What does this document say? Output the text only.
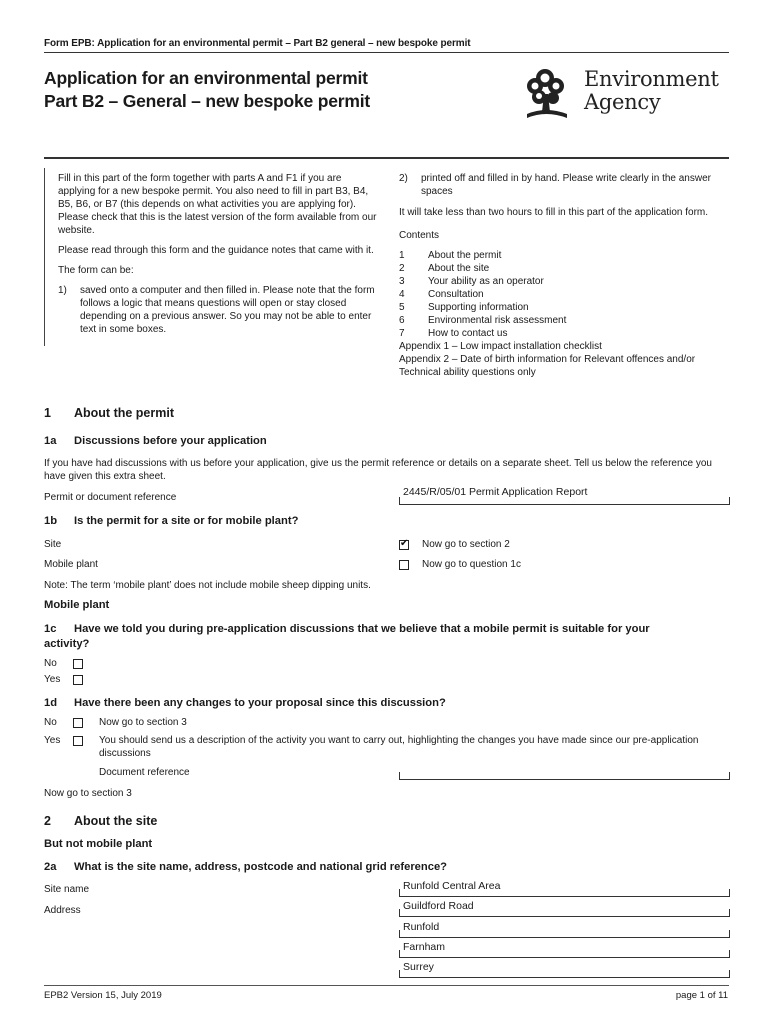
Form EPB: Application for an environmental permit – Part B2 general – new bespoke permit
Application for an environmental permit
Part B2 – General – new bespoke permit
Environment
Agency

Fill in this part of the form together with parts A and F1 if you are applying for a new bespoke permit. You also need to fill in part B3, B4, B5, B6, or B7 (this depends on what activities you are applying for). Please check that this is the latest version of the form available from our website.

Please read through this form and the guidance notes that came with it.

The form can be:

1)	saved onto a computer and then filled in. Please note that the form follows a logic that means questions will open or stay closed depending on a previous answer. So you may not be able to enter text in some boxes.
2)	printed off and filled in by hand. Please write clearly in the answer spaces

It will take less than two hours to fill in this part of the application form.

Contents

1	About the permit
2	About the site
3	Your ability as an operator
4	Consultation
5	Supporting information
6	Environmental risk assessment
7	How to contact us
Appendix 1 – Low impact installation checklist
Appendix 2 – Date of birth information for Relevant offences and/or Technical ability questions only
1 About the permit
1a Discussions before your application
If you have had discussions with us before your application, give us the permit reference or details on a separate sheet. Tell us below the reference you have given this extra sheet.
Permit or document reference	2445/R/05/01 Permit Application Report
1b Is the permit for a site or for mobile plant?
Site
✔	Now go to section 2
Mobile plant	Now go to question 1c
Note: The term ‘mobile plant’ does not include mobile sheep dipping units.
Mobile plant
1c Have we told you during pre-application discussions that we believe that a mobile permit is suitable for your
activity?
No
Yes
1d Have there been any changes to your proposal since this discussion?
No	Now go to section 3
Yes	You should send us a description of the activity you want to carry out, highlighting the changes you have made since our pre-application discussions
Document reference
Now go to section 3
2 About the site
But not mobile plant
2a What is the site name, address, postcode and national grid reference?
Site name	Runfold Central Area
Address	Guildford Road
Runfold
Farnham
Surrey
EPB2 Version 15, July 2019	page 1 of 11
